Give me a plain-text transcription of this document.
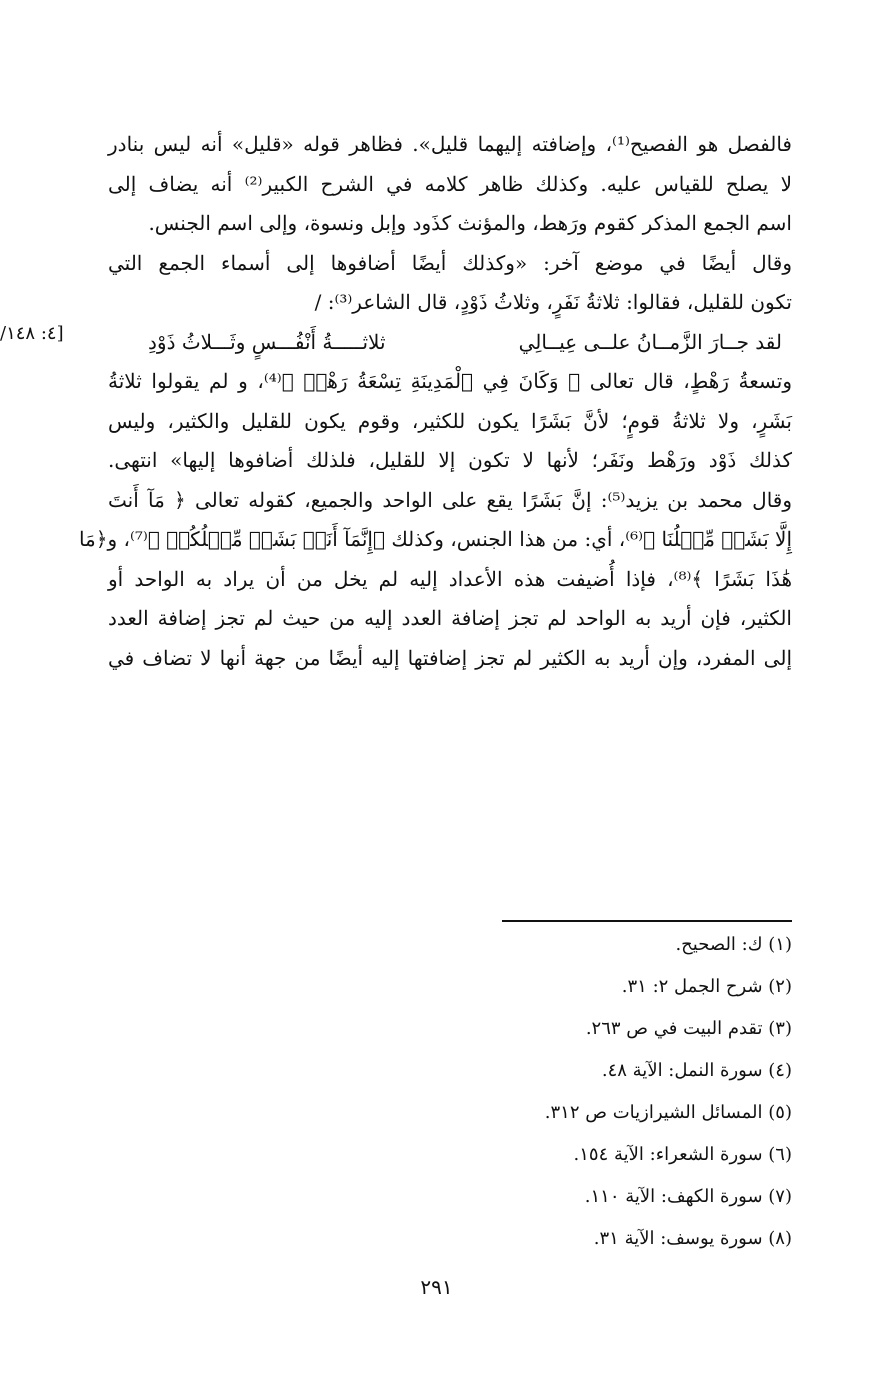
[٤: ١٤٨/
فالفصل هو الفصيح⁽¹⁾، وإضافته إليهما قليل». فظاهر قوله «قليل» أنه ليس بنادر
لا يصلح للقياس عليه. وكذلك ظاهر كلامه في الشرح الكبير⁽²⁾ أنه يضاف إلى
اسم الجمع المذكر كقوم ورَهط، والمؤنث كذَود وإبل ونسوة، وإلى اسم الجنس.
وقال أيضًا في موضع آخر: «وكذلك أيضًا أضافوها إلى أسماء الجمع التي
تكون للقليل، فقالوا: ثلاثةُ نَفَرٍ، وثلاثُ ذَوْدٍ، قال الشاعر⁽³⁾: /
لقد جــارَ الزَّمــانُ علــى عِيــالِي
ثلاثـــــةُ أَنْفُـــسٍ وثَـــلاثُ ذَوْدِ
وتسعةُ رَهْطٍ، قال تعالى ﴿ وَكَانَ فِي ٱلْمَدِينَةِ تِسْعَةُ رَهْطٖ ﴾⁽⁴⁾، و لم يقولوا ثلاثةُ
بَشَرٍ، ولا ثلاثةُ قومٍ؛ لأنَّ بَشَرًا يكون للكثير، وقوم يكون للقليل والكثير، وليس
كذلك ذَوْد ورَهْط ونَفَر؛ لأنها لا تكون إلا للقليل، فلذلك أضافوها إليها» انتهى.
وقال محمد بن يزيد⁽⁵⁾: إنَّ بَشَرًا يقع على الواحد والجميع، كقوله تعالى ﴿ مَآ أَنتَ
إِلَّا بَشَرٞ مِّثۡلُنَا ﴾⁽⁶⁾، أي: من هذا الجنس، وكذلك ﴿إِنَّمَآ أَنَا۠ بَشَرٞ مِّثۡلُكُمۡ ﴾⁽⁷⁾، و﴿مَا
هَٰذَا بَشَرًا ﴾⁽⁸⁾، فإذا أُضيفت هذه الأعداد إليه لم يخل من أن يراد به الواحد أو
الكثير، فإن أريد به الواحد لم تجز إضافة العدد إليه من حيث لم تجز إضافة العدد
إلى المفرد، وإن أريد به الكثير لم تجز إضافتها إليه أيضًا من جهة أنها لا تضاف في
(١) ك: الصحيح.
(٢) شرح الجمل ٢: ٣١.
(٣) تقدم البيت في ص ٢٦٣.
(٤) سورة النمل: الآية ٤٨.
(٥) المسائل الشيرازيات ص ٣١٢.
(٦) سورة الشعراء: الآية ١٥٤.
(٧) سورة الكهف: الآية ١١٠.
(٨) سورة يوسف: الآية ٣١.
٢٩١
